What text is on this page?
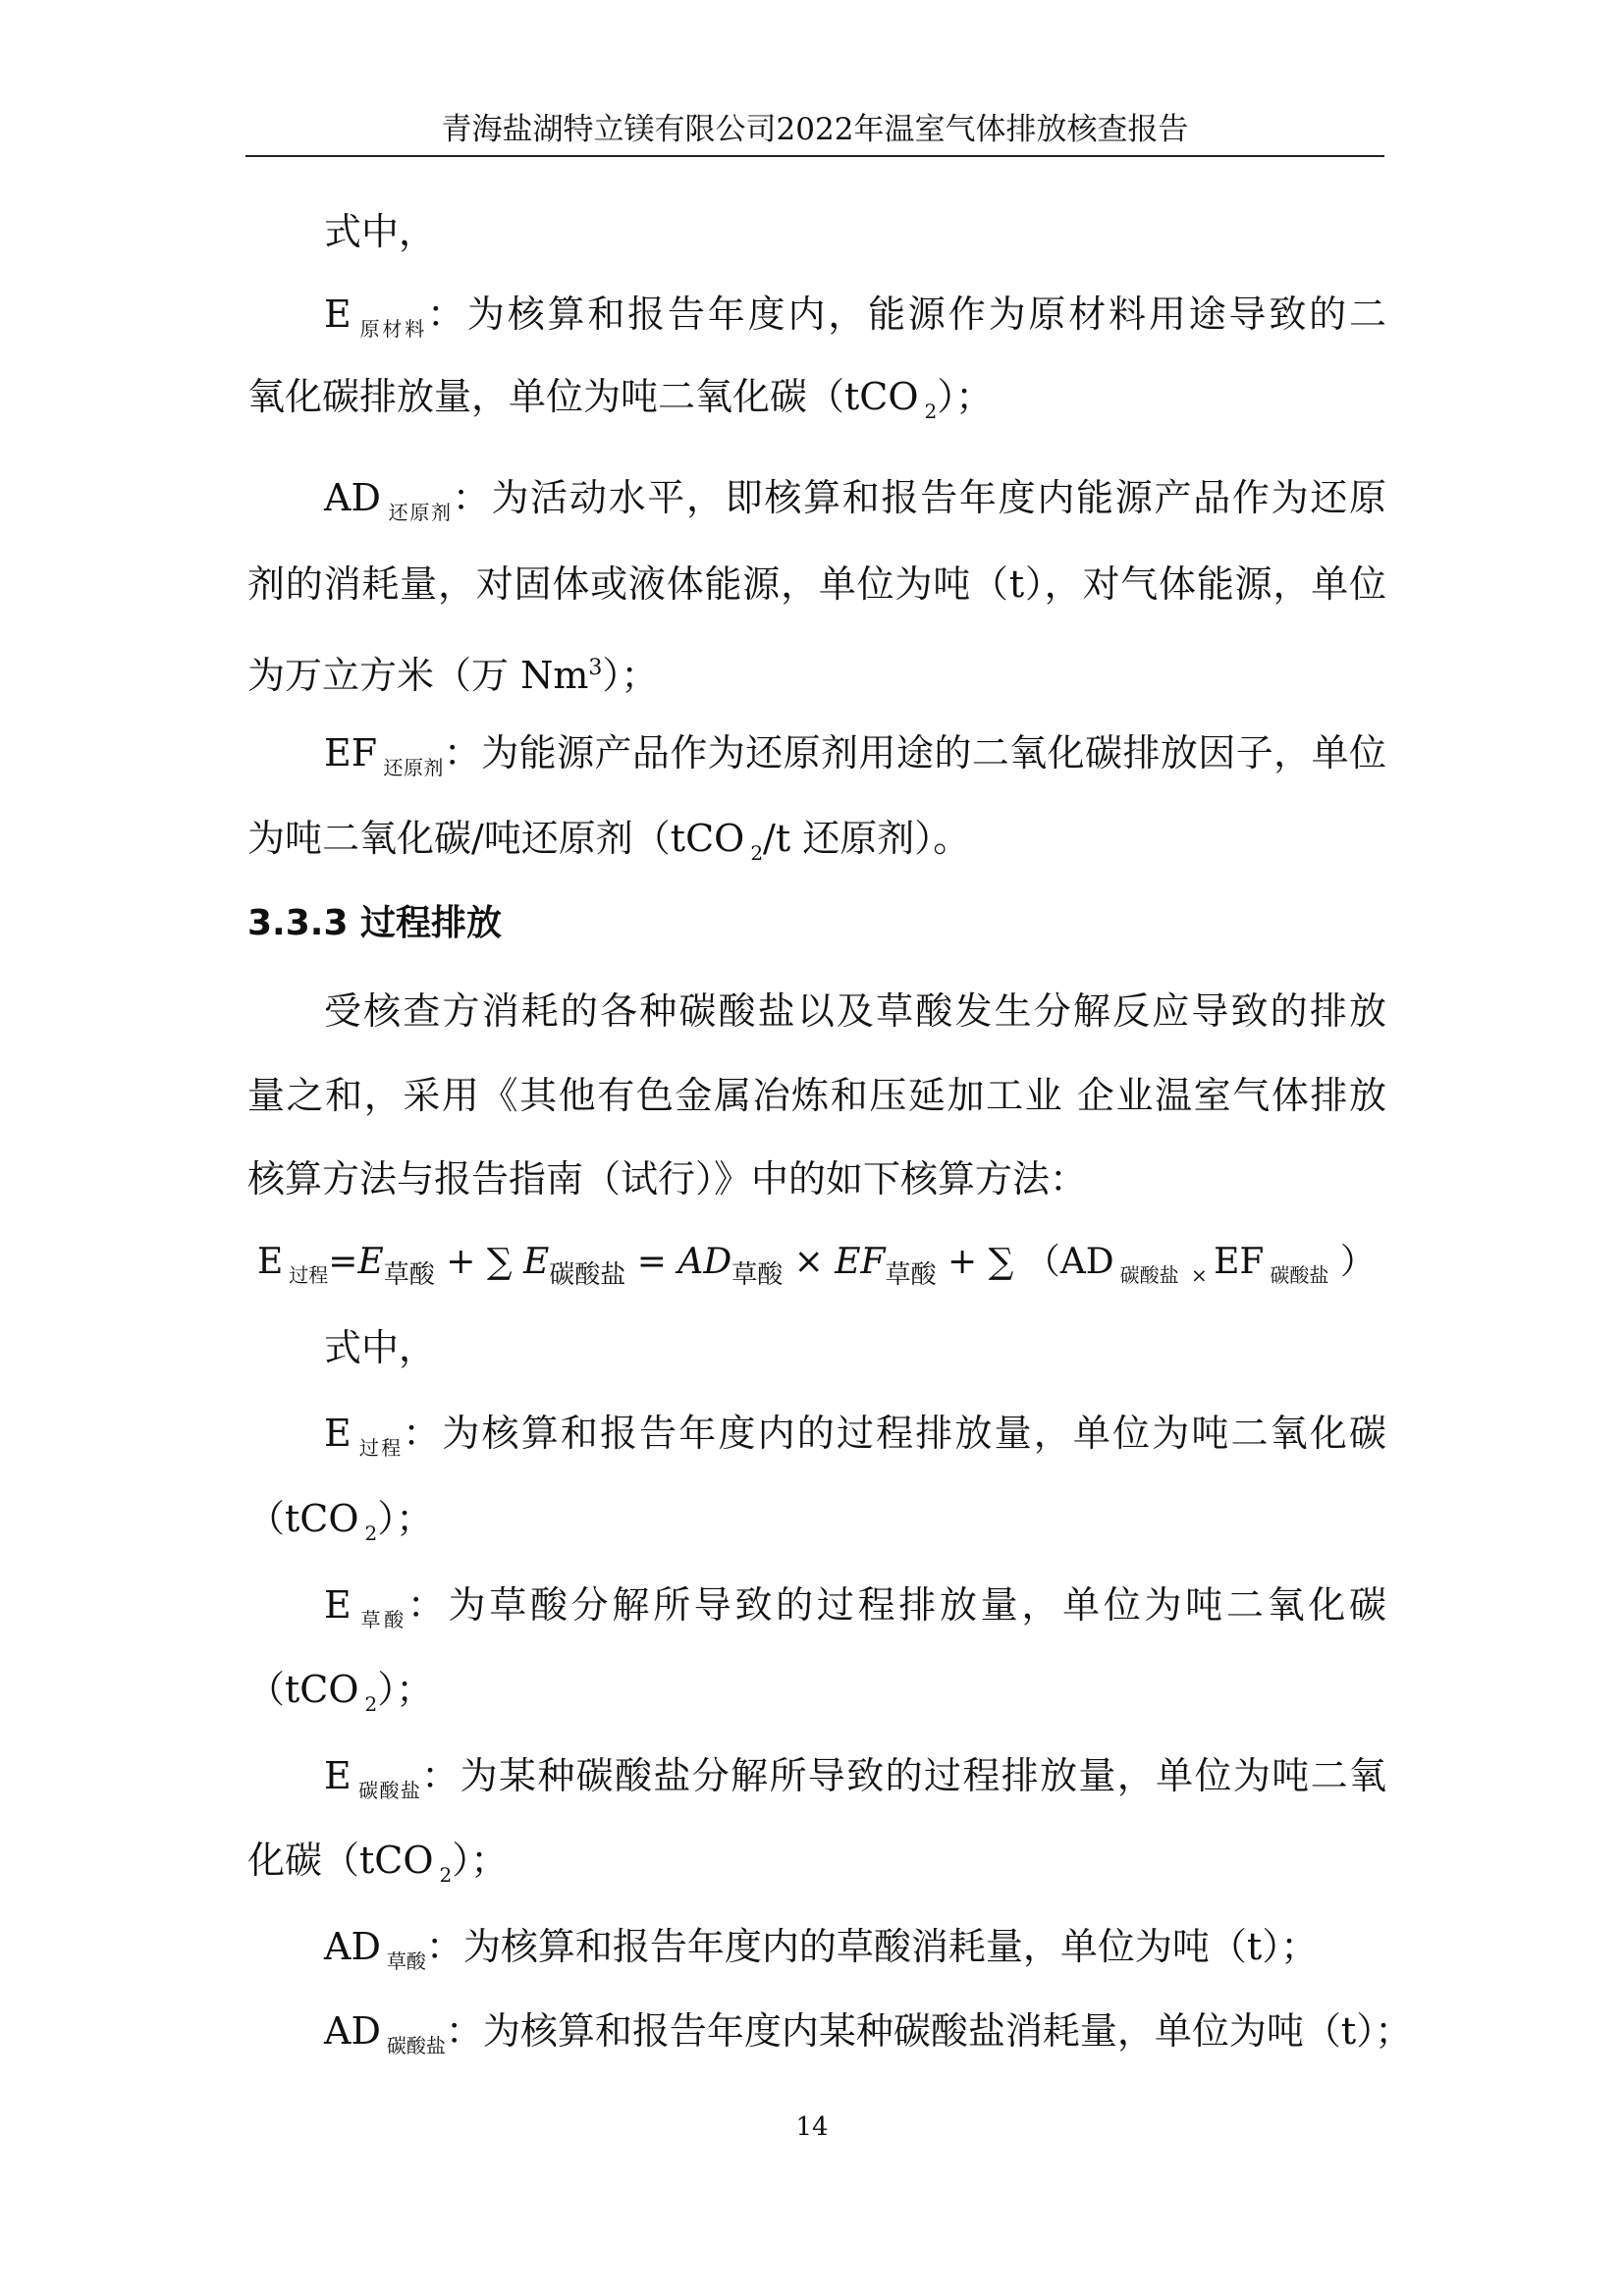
青海盐湖特立镁有限公司2022年温室气体排放核查报告
式中，
E $_{原材料}$：为核算和报告年度内，能源作为原材料用途导致的二
氧化碳排放量，单位为吨二氧化碳（tCO $_2$）；
AD $_{还原剂}$：为活动水平，即核算和报告年度内能源产品作为还原
剂的消耗量，对固体或液体能源，单位为吨（t），对气体能源，单位
为万立方米（万 Nm$^3$）；
EF $_{还原剂}$：为能源产品作为还原剂用途的二氧化碳排放因子，单位
为吨二氧化碳/吨还原剂（tCO $_2$/t 还原剂）。
3.3.3 过程排放
受核查方消耗的各种碳酸盐以及草酸发生分解反应导致的排放
量之和，采用《其他有色金属冶炼和压延加工业 企业温室气体排放
核算方法与报告指南（试行）》中的如下核算方法：
E $_{过程}=E_{草酸}$ + ∑ $E_{碳酸盐} = AD_{草酸} \times EF_{草酸}$ + ∑ （AD $_{碳酸盐}$ $_\times$ EF $_{碳酸盐}$ ）
式中，
E $_{过程}$：为核算和报告年度内的过程排放量，单位为吨二氧化碳
（tCO $_2$）；
E $_{草酸}$：为草酸分解所导致的过程排放量，单位为吨二氧化碳
（tCO $_2$）；
E $_{碳酸盐}$：为某种碳酸盐分解所导致的过程排放量，单位为吨二氧
化碳（tCO $_2$）；
AD $_{草酸}$：为核算和报告年度内的草酸消耗量，单位为吨（t）；
AD $_{碳酸盐}$：为核算和报告年度内某种碳酸盐消耗量，单位为吨（t）；
14
